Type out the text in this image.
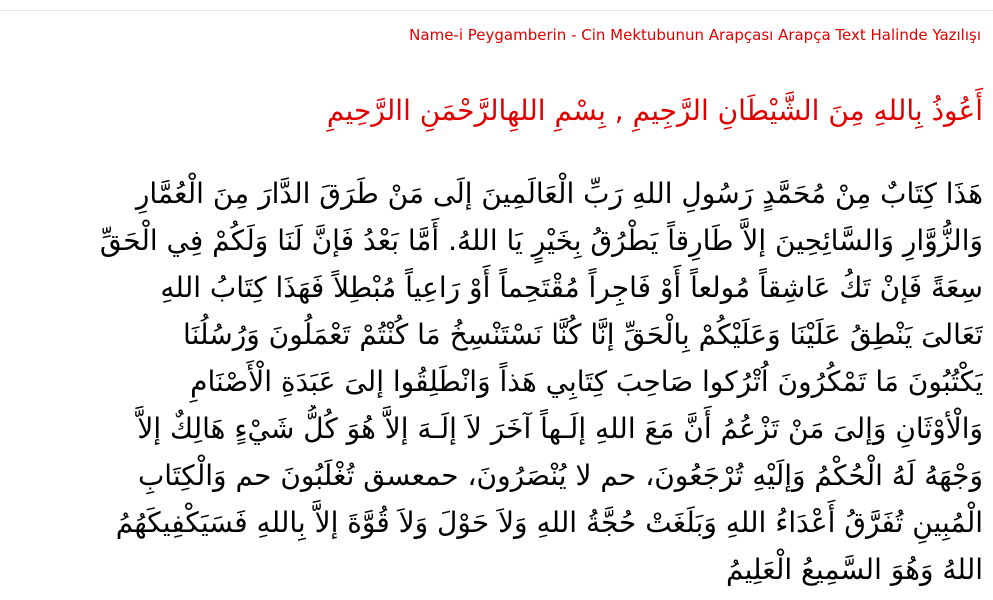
Name-i Peygamberin - Cin Mektubunun Arapçası Arapça Text Halinde Yazılışı
أَعُوذُ بِاللهِ مِنَ الشَّيْطَانِ الرَّجِيمِ , بِسْمِ اللهِالرَّحْمَنِ االرَّحِيمِ
هَذَا كِتَابٌ مِنْ مُحَمَّدٍ رَسُولِ اللهِ رَبِّ الْعَالَمِينَ إلَى مَنْ طَرَقَ الدَّارَ مِنَ الْعُمَّارِ
وَالزُّوَّارِ وَالسَّائِحِينَ إلاَّ طَارِقاً يَطْرُقُ بِخَيْرٍ يَا اللهُ. أَمَّا بَعْدُ فَإنَّ لَنَا وَلَكُمْ فِي الْحَقِّ
سِعَةً فَإنْ تَكُ عَاشِقاً مُولعاً أَوْ فَاجِراً مُقْتَحِماً أَوْ رَاعِياً مُبْطِلاً فَهَذَا كِتَابُ اللهِ
تَعَالىَ يَنْطِقُ عَلَيْنَا وَعَلَيْكُمْ بِالْحَقِّ إنَّا كُنَّا نَسْتَنْسِخُ مَا كُنْتُمْ تَعْمَلُونَ وَرُسُلُنَا
يَكْتُبُونَ مَا تَمْكُرُونَ اُتْرُكوا صَاحِبَ كِتَابِي هَذاً وَانْطَلِقُوا إلىَ عَبَدَةِ الْأَصْنَامِ
وَالْأوْثَانِ وَإلىَ مَنْ تَزْعُمُ أَنَّ مَعَ اللهِ إلَـهاً آخَرَ لاَ إلَـهَ إلاَّ هُوَ كُلُّ شَيْءٍ هَالِكٌ إلاَّ
وَجْهَهُ لَهُ الْحُكْمُ وَإلَيْهِ تُرْجَعُونَ، حم لا يُنْصَرُونَ، حمعسق تُغْلَبُونَ حم وَالْكِتَابِ
الْمُبِينِ تُفَرَّقُ أَعْدَاءُ اللهِ وَبَلَغَتْ حُجَّةُ اللهِ وَلاَ حَوْلَ وَلاَ قُوَّةَ إلاَّ بِاللهِ فَسَيَكْفِيكَهُمُ
اللهُ وَهُوَ السَّمِيعُ الْعَلِيمُ
